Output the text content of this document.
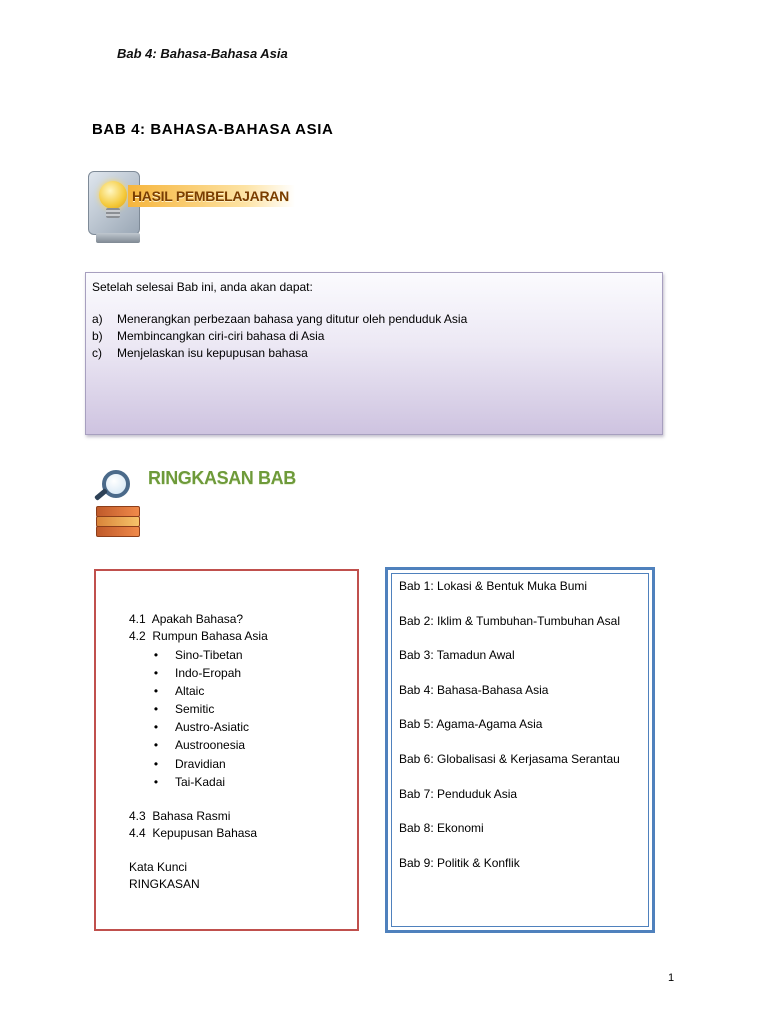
Bab 4: Bahasa-Bahasa Asia
BAB 4: BAHASA-BAHASA ASIA
HASIL PEMBELAJARAN

Setelah selesai Bab ini, anda akan dapat:

a)	Menerangkan perbezaan bahasa yang ditutur oleh penduduk Asia
b)	Membincangkan ciri-ciri bahasa di Asia
c)	Menjelaskan isu kepupusan bahasa
RINGKASAN BAB
4.1  Apakah Bahasa?
4.2  Rumpun Bahasa Asia
•	Sino-Tibetan
•	Indo-Eropah
•	Altaic
•	Semitic
•	Austro-Asiatic
•	Austroonesia
•	Dravidian
•	Tai-Kadai
4.3  Bahasa Rasmi
4.4  Kepupusan Bahasa
Kata Kunci
RINGKASAN
Bab 1: Lokasi & Bentuk Muka Bumi
Bab 2: Iklim & Tumbuhan-Tumbuhan Asal
Bab 3: Tamadun Awal
Bab 4: Bahasa-Bahasa Asia
Bab 5: Agama-Agama Asia
Bab 6: Globalisasi & Kerjasama Serantau
Bab 7: Penduduk Asia
Bab 8: Ekonomi
Bab 9: Politik & Konflik
1
